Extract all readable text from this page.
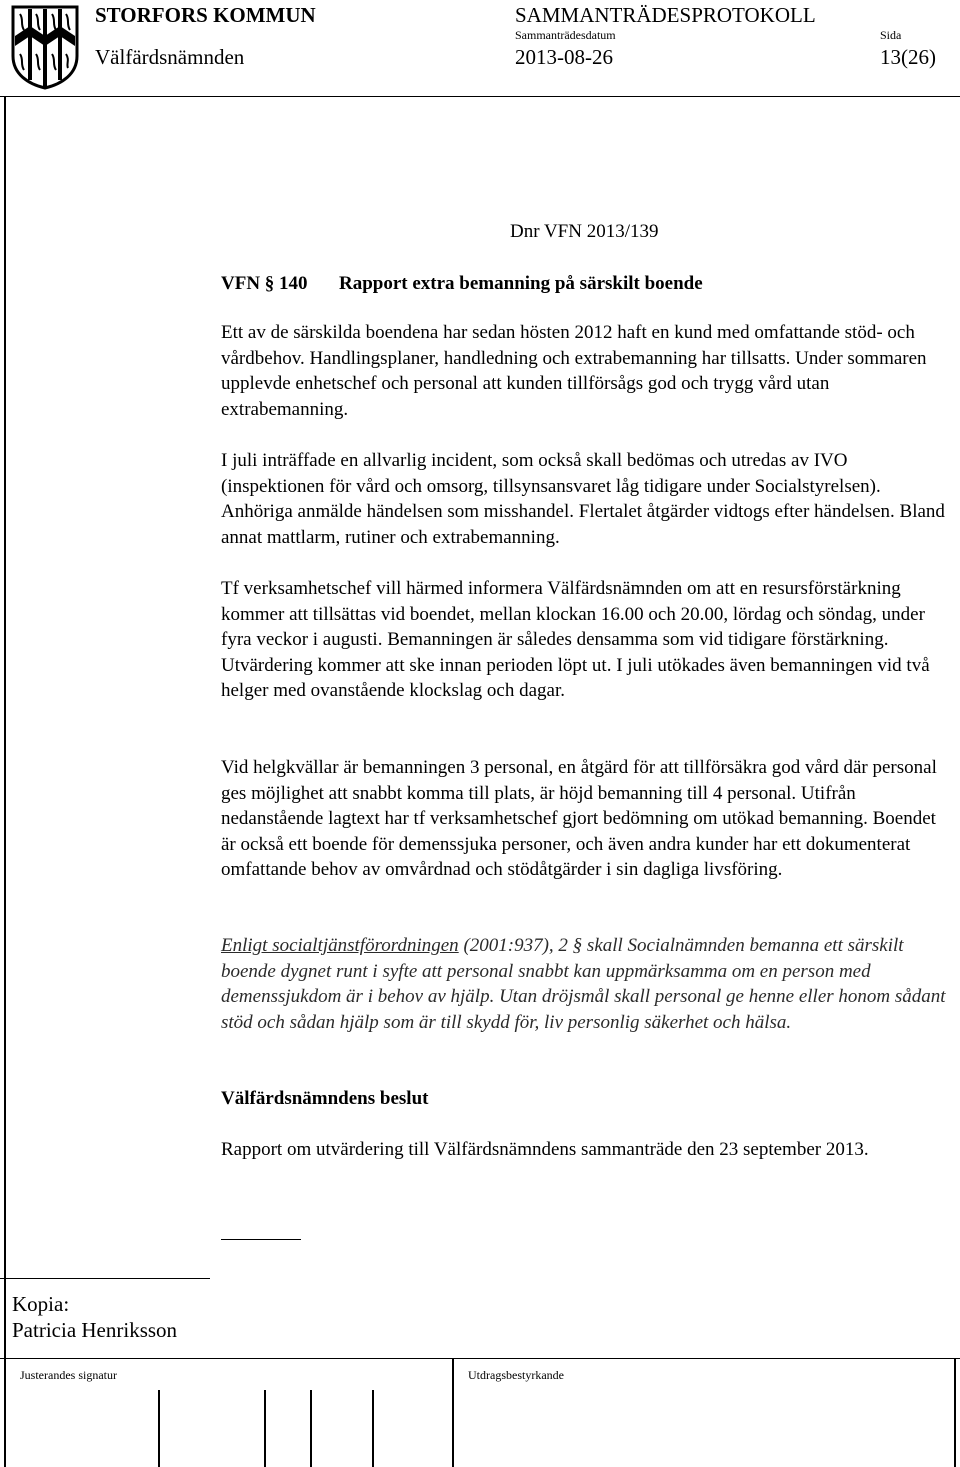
STORFORS KOMMUN
Välfärdsnämnden
SAMMANTRÄDESPROTOKOLL
Sammanträdesdatum
2013-08-26
Sida
13(26)
Dnr VFN 2013/139
VFN § 140 Rapport extra bemanning på särskilt boende

Ett av de särskilda boendena har sedan hösten 2012 haft en kund med omfattande stöd- och vårdbehov. Handlingsplaner, handledning och extrabemanning har tillsatts. Under sommaren upplevde enhetschef och personal att kunden tillförsågs god och trygg vård utan extrabemanning.

I juli inträffade en allvarlig incident, som också skall bedömas och utredas av IVO (inspektionen för vård och omsorg, tillsynsansvaret låg tidigare under Socialstyrelsen). Anhöriga anmälde händelsen som misshandel. Flertalet åtgärder vidtogs efter händelsen. Bland annat mattlarm, rutiner och extrabemanning.

Tf verksamhetschef vill härmed informera Välfärdsnämnden om att en resursförstärkning kommer att tillsättas vid boendet, mellan klockan 16.00 och 20.00, lördag och söndag, under fyra veckor i augusti. Bemanningen är således densamma som vid tidigare förstärkning. Utvärdering kommer att ske innan perioden löpt ut. I juli utökades även bemanningen vid två helger med ovanstående klockslag och dagar.

Vid helgkvällar är bemanningen 3 personal, en åtgärd för att tillförsäkra god vård där personal ges möjlighet att snabbt komma till plats, är höjd bemanning till 4 personal. Utifrån nedanstående lagtext har tf verksamhetschef gjort bedömning om utökad bemanning. Boendet är också ett boende för demenssjuka personer, och även andra kunder har ett dokumenterat omfattande behov av omvårdnad och stödåtgärder i sin dagliga livsföring.

Enligt socialtjänstförordningen (2001:937), 2 § skall Socialnämnden bemanna ett särskilt boende dygnet runt i syfte att personal snabbt kan uppmärksamma om en person med demenssjukdom är i behov av hjälp. Utan dröjsmål skall personal ge henne eller honom sådant stöd och sådan hjälp som är till skydd för, liv personlig säkerhet och hälsa.

Välfärdsnämndens beslut

Rapport om utvärdering till Välfärdsnämndens sammanträde den 23 september 2013.

Kopia:
Patricia Henriksson
Justerandes signatur	Utdragsbestyrkande
